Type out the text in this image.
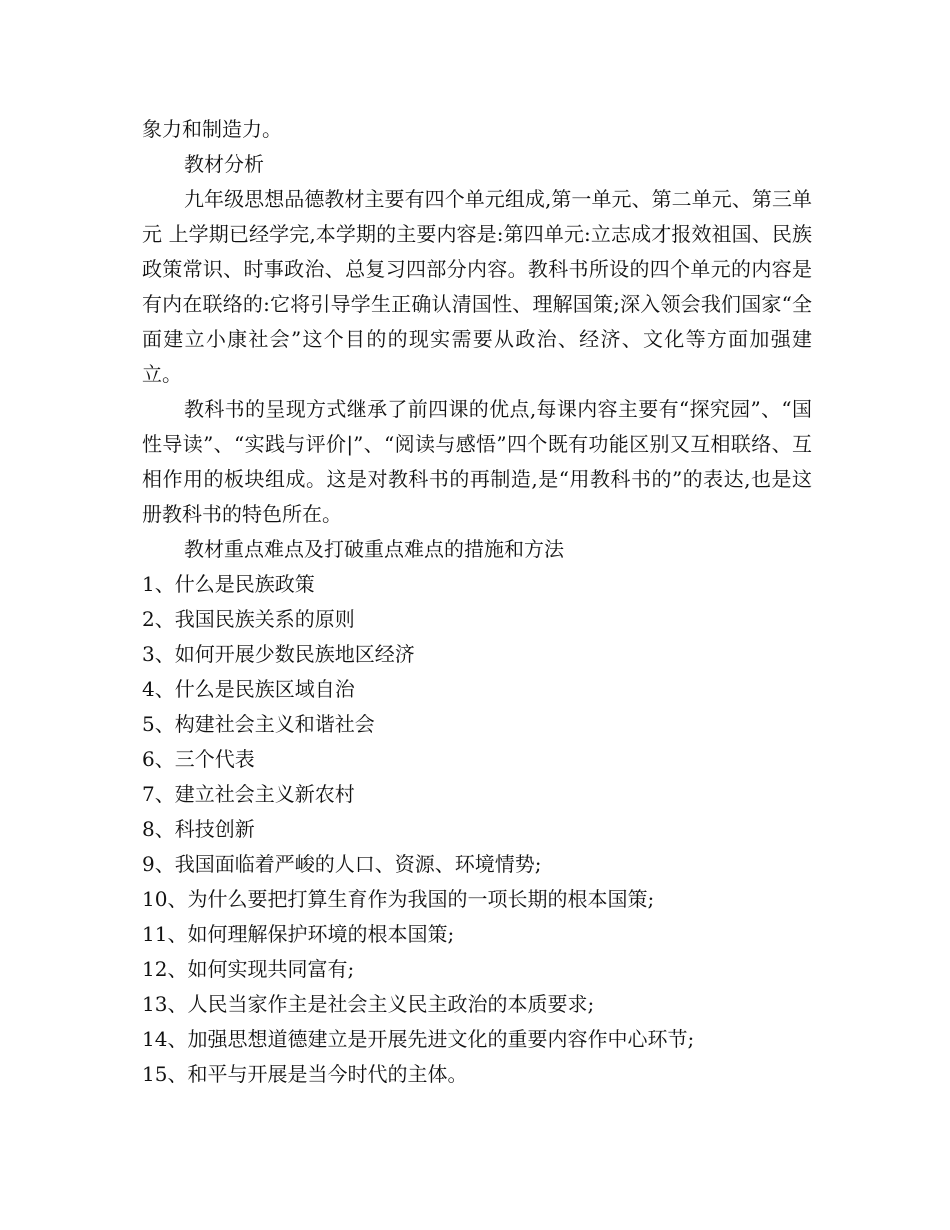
象力和制造力。

教材分析

九年级思想品德教材主要有四个单元组成,第一单元、第二单元、第三单元 上学期已经学完,本学期的主要内容是:第四单元:立志成才报效祖国、民族政策常识、时事政治、总复习四部分内容。教科书所设的四个单元的内容是有内在联络的:它将引导学生正确认清国性、理解国策;深入领会我们国家“全面建立小康社会”这个目的的现实需要从政治、经济、文化等方面加强建立。

教科书的呈现方式继承了前四课的优点,每课内容主要有“探究园”、“国性导读”、“实践与评价|”、“阅读与感悟”四个既有功能区别又互相联络、互相作用的板块组成。这是对教科书的再制造,是“用教科书的”的表达,也是这册教科书的特色所在。

教材重点难点及打破重点难点的措施和方法

1、什么是民族政策

2、我国民族关系的原则

3、如何开展少数民族地区经济

4、什么是民族区域自治

5、构建社会主义和谐社会

6、三个代表

7、建立社会主义新农村

8、科技创新

9、我国面临着严峻的人口、资源、环境情势;

10、为什么要把打算生育作为我国的一项长期的根本国策;

11、如何理解保护环境的根本国策;

12、如何实现共同富有;

13、人民当家作主是社会主义民主政治的本质要求;

14、加强思想道德建立是开展先进文化的重要内容作中心环节;

15、和平与开展是当今时代的主体。
